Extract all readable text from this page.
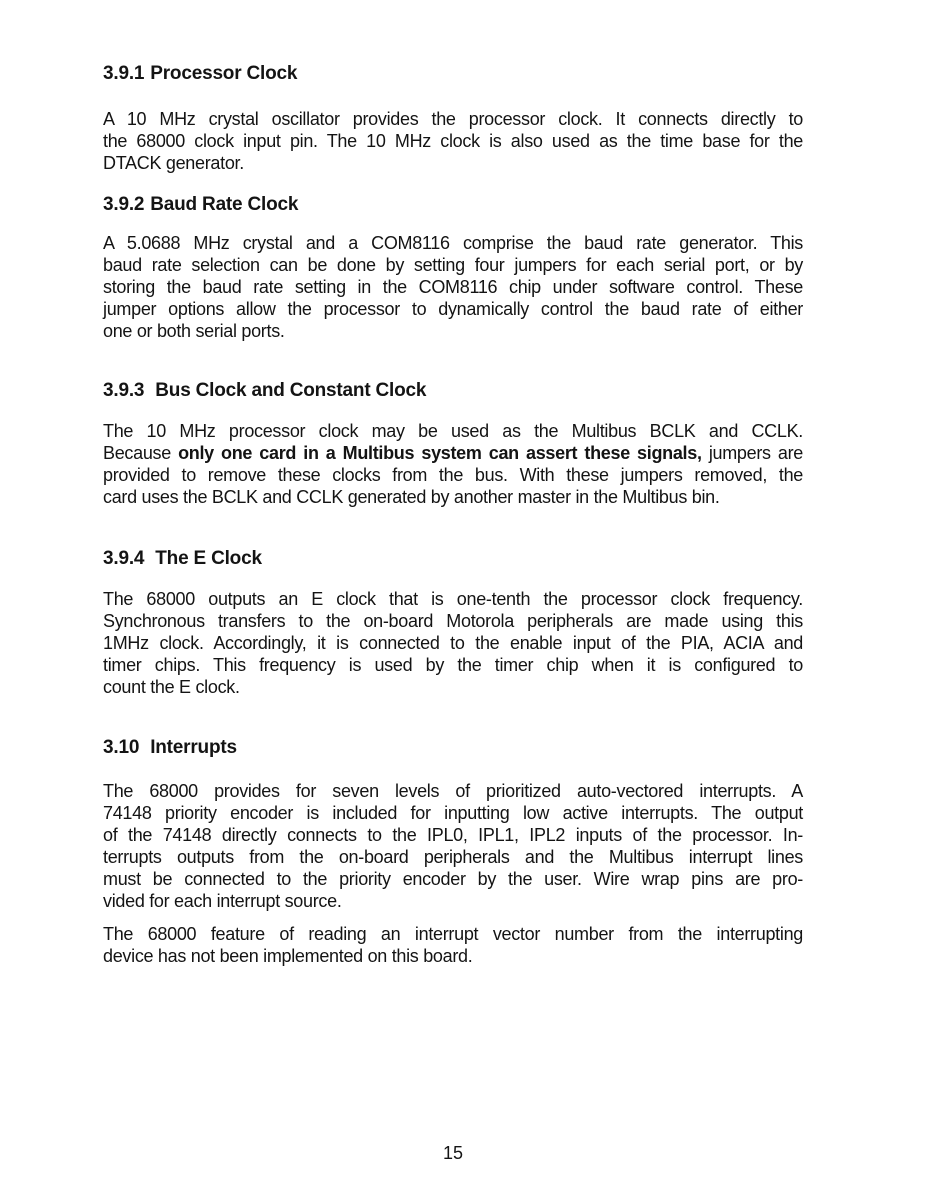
3.9.1 Processor Clock
A 10 MHz crystal oscillator provides the processor clock. It connects directly to
the 68000 clock input pin. The 10 MHz clock is also used as the time base for the
DTACK generator.
3.9.2 Baud Rate Clock
A 5.0688 MHz crystal and a COM8116 comprise the baud rate generator. This
baud rate selection can be done by setting four jumpers for each serial port, or by
storing the baud rate setting in the COM8116 chip under software control. These
jumper options allow the processor to dynamically control the baud rate of either
one or both serial ports.
3.9.3 Bus Clock and Constant Clock
The 10 MHz processor clock may be used as the Multibus BCLK and CCLK.
Because only one card in a Multibus system can assert these signals, jumpers are
provided to remove these clocks from the bus. With these jumpers removed, the
card uses the BCLK and CCLK generated by another master in the Multibus bin.
3.9.4 The E Clock
The 68000 outputs an E clock that is one-tenth the processor clock frequency.
Synchronous transfers to the on-board Motorola peripherals are made using this
1MHz clock. Accordingly, it is connected to the enable input of the PIA, ACIA and
timer chips. This frequency is used by the timer chip when it is configured to
count the E clock.
3.10 Interrupts
The 68000 provides for seven levels of prioritized auto-vectored interrupts. A
74148 priority encoder is included for inputting low active interrupts. The output
of the 74148 directly connects to the IPL0, IPL1, IPL2 inputs of the processor. In-
terrupts outputs from the on-board peripherals and the Multibus interrupt lines
must be connected to the priority encoder by the user. Wire wrap pins are pro-
vided for each interrupt source.
The 68000 feature of reading an interrupt vector number from the interrupting
device has not been implemented on this board.
15
